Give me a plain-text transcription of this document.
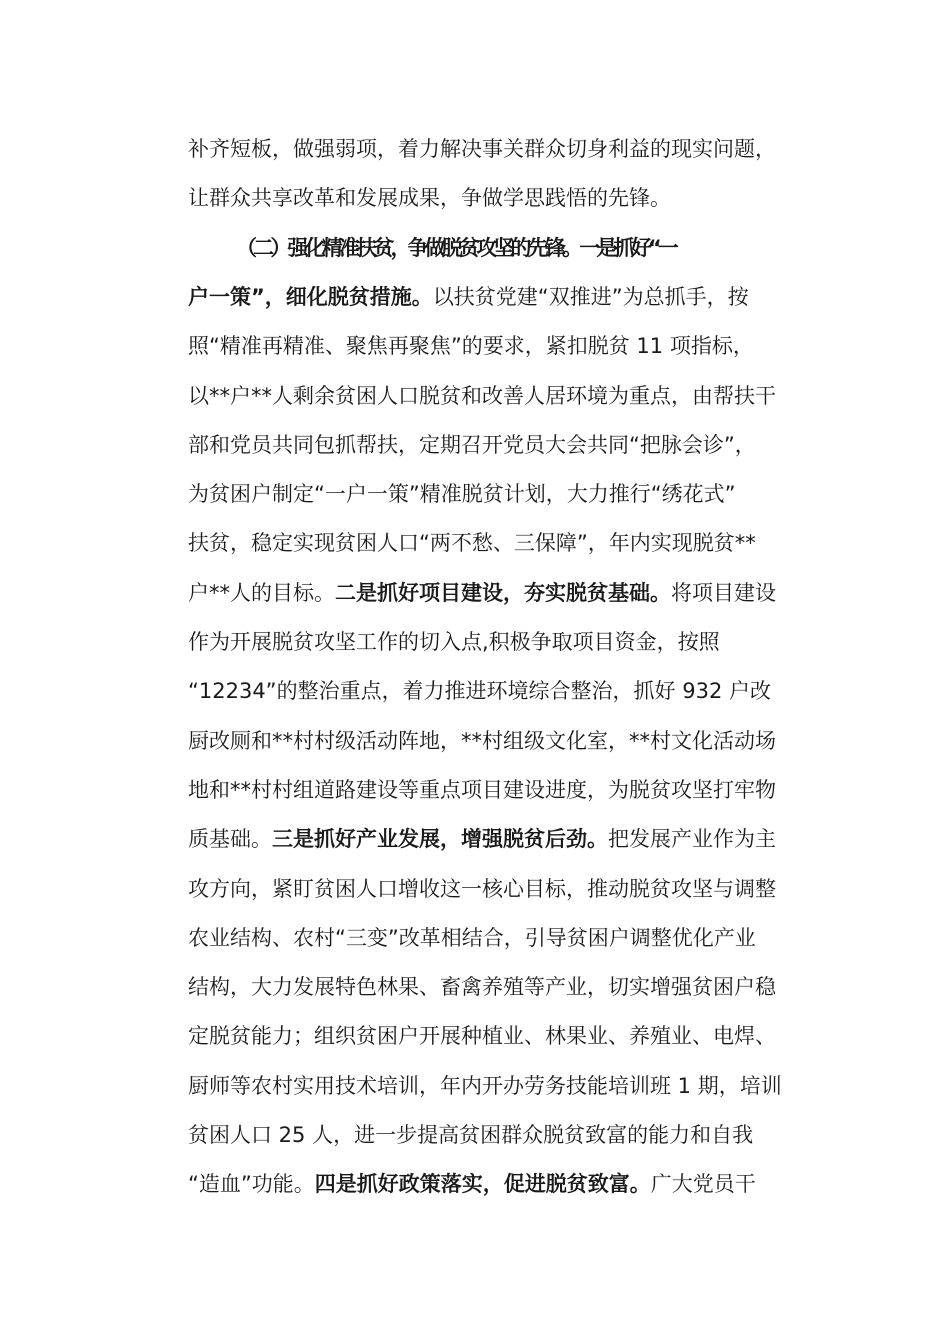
补齐短板，做强弱项，着力解决事关群众切身利益的现实问题，
让群众共享改革和发展成果，争做学思践悟的先锋。
（二）强化精准扶贫，争做脱贫攻坚的先锋。一是抓好“一
户一策”，细化脱贫措施。以扶贫党建“双推进”为总抓手，按
照“精准再精准、聚焦再聚焦”的要求，紧扣脱贫 11 项指标，
以**户**人剩余贫困人口脱贫和改善人居环境为重点，由帮扶干
部和党员共同包抓帮扶，定期召开党员大会共同“把脉会诊”，
为贫困户制定“一户一策”精准脱贫计划，大力推行“绣花式”
扶贫，稳定实现贫困人口“两不愁、三保障”，年内实现脱贫**
户**人的目标。二是抓好项目建设，夯实脱贫基础。将项目建设
作为开展脱贫攻坚工作的切入点,积极争取项目资金，按照
“12234”的整治重点，着力推进环境综合整治，抓好 932 户改
厨改厕和**村村级活动阵地，**村组级文化室，**村文化活动场
地和**村村组道路建设等重点项目建设进度，为脱贫攻坚打牢物
质基础。三是抓好产业发展，增强脱贫后劲。把发展产业作为主
攻方向，紧盯贫困人口增收这一核心目标，推动脱贫攻坚与调整
农业结构、农村“三变”改革相结合，引导贫困户调整优化产业
结构，大力发展特色林果、畜禽养殖等产业，切实增强贫困户稳
定脱贫能力；组织贫困户开展种植业、林果业、养殖业、电焊、
厨师等农村实用技术培训，年内开办劳务技能培训班 1 期，培训
贫困人口 25 人，进一步提高贫困群众脱贫致富的能力和自我
“造血”功能。四是抓好政策落实，促进脱贫致富。广大党员干
